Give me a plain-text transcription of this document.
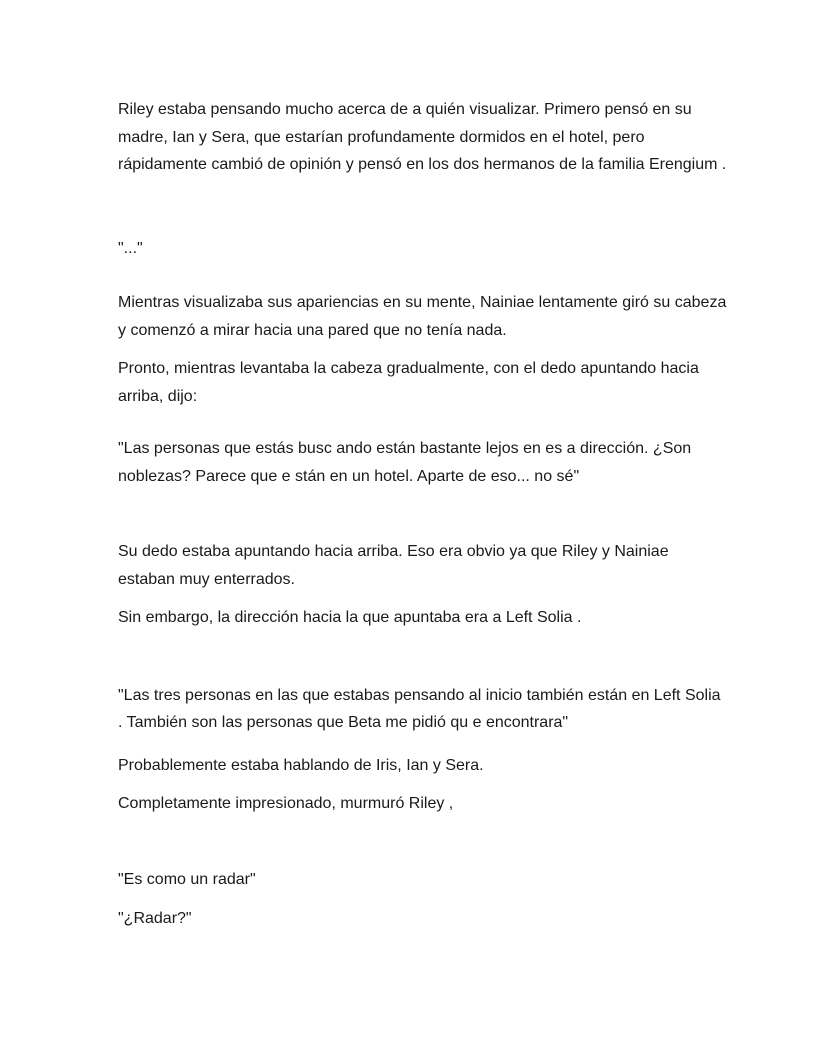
Riley estaba pensando mucho acerca de a quién visualizar. Primero pensó en su madre, Ian y Sera, que estarían profundamente dormidos en el hotel, pero rápidamente cambió de opinión y pensó en los dos hermanos de la familia Erengium .

"..."

Mientras visualizaba sus apariencias en su mente, Nainiae lentamente giró su cabeza y comenzó a mirar hacia una pared que no tenía nada.

Pronto, mientras levantaba la cabeza gradualmente, con el dedo apuntando hacia arriba, dijo:

"Las personas que estás busc ando están bastante lejos en es a dirección. ¿Son noblezas? Parece que e stán en un hotel. Aparte de eso... no sé"

Su dedo estaba apuntando hacia arriba. Eso era obvio ya que Riley y Nainiae estaban muy enterrados.

Sin embargo, la dirección hacia la que apuntaba era a Left Solia .

"Las tres personas en las que estabas pensando al inicio también están en Left Solia . También son las personas que Beta me pidió qu e encontrara"

Probablemente estaba hablando de Iris, Ian y Sera.

Completamente impresionado, murmuró Riley ,

"Es como un radar"

"¿Radar?"
